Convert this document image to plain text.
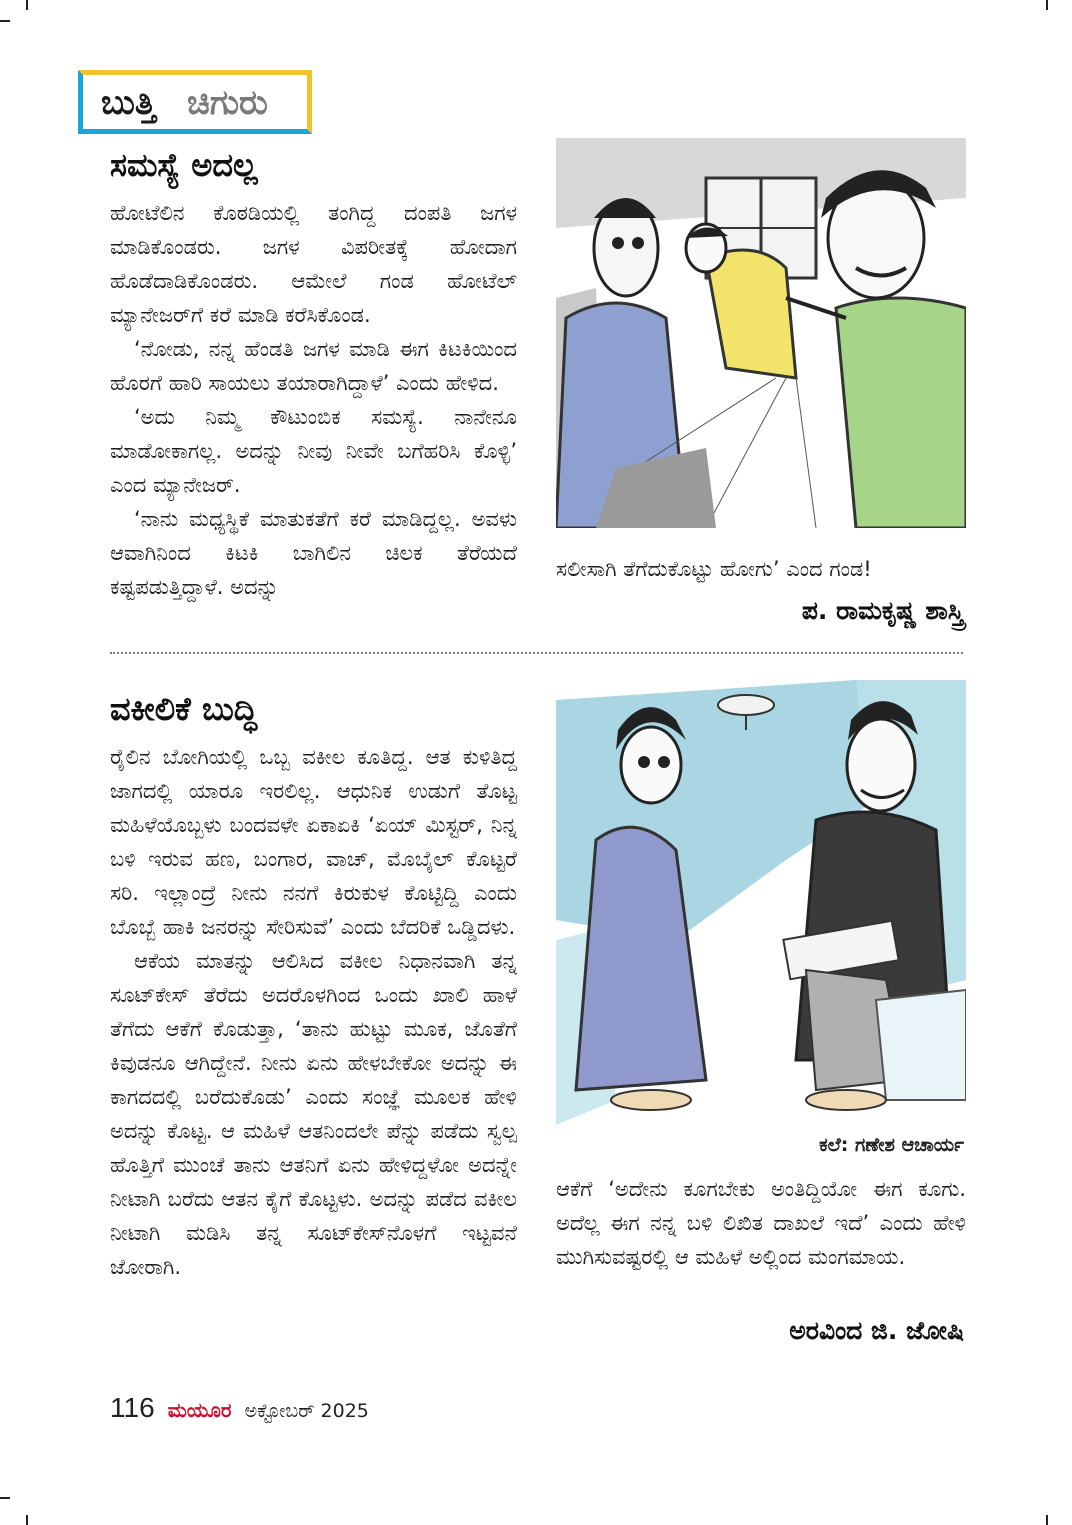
ಬುತ್ತಿ ಚಿಗುರು
ಸಮಸ್ಯೆ ಅದಲ್ಲ

ಹೋಟೆಲಿನ ಕೊಠಡಿಯಲ್ಲಿ ತಂಗಿದ್ದ ದಂಪತಿ ಜಗಳ ಮಾಡಿಕೊಂಡರು. ಜಗಳ ವಿಪರೀತಕ್ಕೆ ಹೋದಾಗ ಹೊಡೆದಾಡಿಕೊಂಡರು. ಆಮೇಲೆ ಗಂಡ ಹೋಟೆಲ್ ಮ್ಯಾನೇಜರ್‌ಗೆ ಕರೆ ಮಾಡಿ ಕರೆಸಿಕೊಂಡ.

‘ನೋಡು, ನನ್ನ ಹೆಂಡತಿ ಜಗಳ ಮಾಡಿ ಈಗ ಕಿಟಕಿಯಿಂದ ಹೊರಗೆ ಹಾರಿ ಸಾಯಲು ತಯಾರಾಗಿದ್ದಾಳೆ’ ಎಂದು ಹೇಳಿದ.

‘ಅದು ನಿಮ್ಮ ಕೌಟುಂಬಿಕ ಸಮಸ್ಯೆ. ನಾನೇನೂ ಮಾಡೋಕಾಗಲ್ಲ. ಅದನ್ನು ನೀವು ನೀವೇ ಬಗೆಹರಿಸಿ ಕೊಳ್ಳಿ’ ಎಂದ ಮ್ಯಾನೇಜರ್.

‘ನಾನು ಮಧ್ಯಸ್ಥಿಕೆ ಮಾತುಕತೆಗೆ ಕರೆ ಮಾಡಿದ್ದಲ್ಲ. ಅವಳು ಆವಾಗಿನಿಂದ ಕಿಟಕಿ ಬಾಗಿಲಿನ ಚಿಲಕ ತೆರೆಯದೆ ಕಷ್ಟಪಡುತ್ತಿದ್ದಾಳೆ. ಅದನ್ನು

ಸಲೀಸಾಗಿ ತೆಗೆದುಕೊಟ್ಟು ಹೋಗು’ ಎಂದ ಗಂಡ!
ಪ. ರಾಮಕೃಷ್ಣ ಶಾಸ್ತ್ರಿ
ವಕೀಲಿಕೆ ಬುದ್ಧಿ

ರೈಲಿನ ಬೋಗಿಯಲ್ಲಿ ಒಬ್ಬ ವಕೀಲ ಕೂತಿದ್ದ. ಆತ ಕುಳಿತಿದ್ದ ಜಾಗದಲ್ಲಿ ಯಾರೂ ಇರಲಿಲ್ಲ. ಆಧುನಿಕ ಉಡುಗೆ ತೊಟ್ಟ ಮಹಿಳೆಯೊಬ್ಬಳು ಬಂದವಳೇ ಏಕಾಏಕಿ ‘ಏಯ್ ಮಿಸ್ಟರ್, ನಿನ್ನ ಬಳಿ ಇರುವ ಹಣ, ಬಂಗಾರ, ವಾಚ್, ಮೊಬೈಲ್ ಕೊಟ್ಟರೆ ಸರಿ. ಇಲ್ಲಾಂದ್ರೆ ನೀನು ನನಗೆ ಕಿರುಕುಳ ಕೊಟ್ಟಿದ್ದಿ ಎಂದು ಬೊಬ್ಬೆ ಹಾಕಿ ಜನರನ್ನು ಸೇರಿಸುವೆ’ ಎಂದು ಬೆದರಿಕೆ ಒಡ್ಡಿದಳು.

ಆಕೆಯ ಮಾತನ್ನು ಆಲಿಸಿದ ವಕೀಲ ನಿಧಾನವಾಗಿ ತನ್ನ ಸೂಟ್‌ಕೇಸ್ ತೆರೆದು ಅದರೊಳಗಿಂದ ಒಂದು ಖಾಲಿ ಹಾಳೆ ತೆಗೆದು ಆಕೆಗೆ ಕೊಡುತ್ತಾ, ‘ತಾನು ಹುಟ್ಟು ಮೂಕ, ಜೊತೆಗೆ ಕಿವುಡನೂ ಆಗಿದ್ದೇನೆ. ನೀನು ಏನು ಹೇಳಬೇಕೋ ಅದನ್ನು ಈ ಕಾಗದದಲ್ಲಿ ಬರೆದುಕೊಡು’ ಎಂದು ಸಂಜ್ಞೆ ಮೂಲಕ ಹೇಳಿ ಅದನ್ನು ಕೊಟ್ಟ. ಆ ಮಹಿಳೆ ಆತನಿಂದಲೇ ಪೆನ್ನು ಪಡೆದು ಸ್ವಲ್ಪ ಹೊತ್ತಿಗೆ ಮುಂಚೆ ತಾನು ಆತನಿಗೆ ಏನು ಹೇಳಿದ್ದಳೋ ಅದನ್ನೇ ನೀಟಾಗಿ ಬರೆದು ಆತನ ಕೈಗೆ ಕೊಟ್ಟಳು. ಅದನ್ನು ಪಡೆದ ವಕೀಲ ನೀಟಾಗಿ ಮಡಿಸಿ ತನ್ನ ಸೂಟ್‌ಕೇಸ್‌ನೊಳಗೆ ಇಟ್ಟವನೆ ಜೋರಾಗಿ.

ಕಲೆ: ಗಣೇಶ ಆಚಾರ್ಯ
ಆಕೆಗೆ ‘ಅದೇನು ಕೂಗಬೇಕು ಅಂತಿದ್ದಿಯೋ ಈಗ ಕೂಗು. ಅದೆಲ್ಲ ಈಗ ನನ್ನ ಬಳಿ ಲಿಖಿತ ದಾಖಲೆ ಇದೆ’ ಎಂದು ಹೇಳಿ ಮುಗಿಸುವಷ್ಟರಲ್ಲಿ ಆ ಮಹಿಳೆ ಅಲ್ಲಿಂದ ಮಂಗಮಾಯ.
ಅರವಿಂದ ಜಿ. ಜೋಷಿ
116 ಮಯೂರ ಅಕ್ಟೋಬರ್ 2025
